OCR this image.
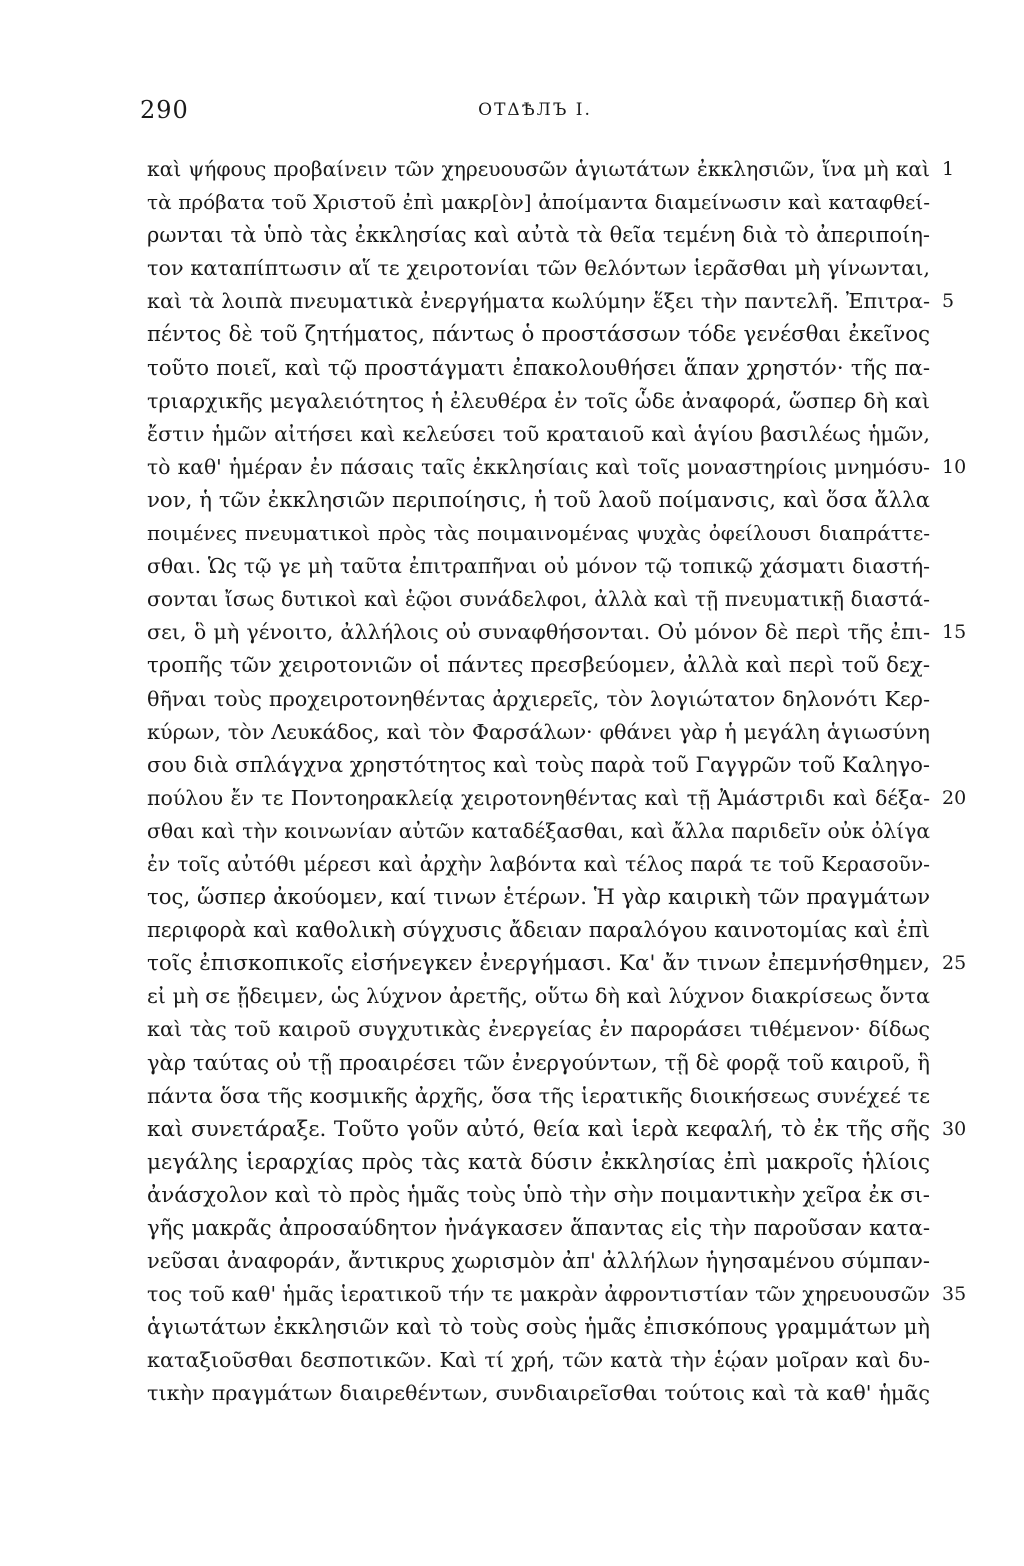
290	ΟΤΔѢЛЪ I.
καὶ ψήφους προβαίνειν τῶν χηρευουσῶν ἁγιωτάτων ἐκκλησιῶν, ἵνα μὴ καὶ 1
τὰ πρόβατα τοῦ Χριστοῦ ἐπὶ μακρ[ὸν] ἀποίμαντα διαμείνωσιν καὶ καταφθεί-
ρωνται τὰ ὑπὸ τὰς ἐκκλησίας καὶ αὐτὰ τὰ θεῖα τεμένη διὰ τὸ ἀπεριποίη-
τον καταπίπτωσιν αἵ τε χειροτονίαι τῶν θελόντων ἱερᾶσθαι μὴ γίνωνται,
καὶ τὰ λοιπὰ πνευματικὰ ἐνεργήματα κωλύμην ἕξει τὴν παντελῆ. Ἐπιτρα- 5
πέντος δὲ τοῦ ζητήματος, πάντως ὁ προστάσσων τόδε γενέσθαι ἐκεῖνος
τοῦτο ποιεῖ, καὶ τῷ προστάγματι ἐπακολουθήσει ἅπαν χρηστόν· τῆς πα-
τριαρχικῆς μεγαλειότητος ἡ ἐλευθέρα ἐν τοῖς ὧδε ἀναφορά, ὥσπερ δὴ καὶ
ἔστιν ἡμῶν αἰτήσει καὶ κελεύσει τοῦ κραταιοῦ καὶ ἁγίου βασιλέως ἡμῶν,
τὸ καθ' ἡμέραν ἐν πάσαις ταῖς ἐκκλησίαις καὶ τοῖς μοναστηρίοις μνημόσυ- 10
νον, ἡ τῶν ἐκκλησιῶν περιποίησις, ἡ τοῦ λαοῦ ποίμανσις, καὶ ὅσα ἄλλα
ποιμένες πνευματικοὶ πρὸς τὰς ποιμαινομένας ψυχὰς ὀφείλουσι διαπράττε-
σθαι. Ὡς τῷ γε μὴ ταῦτα ἐπιτραπῆναι οὐ μόνον τῷ τοπικῷ χάσματι διαστή-
σονται ἴσως δυτικοὶ καὶ ἑῷοι συνάδελφοι, ἀλλὰ καὶ τῇ πνευματικῇ διαστά-
σει, ὃ μὴ γένοιτο, ἀλλήλοις οὐ συναφθήσονται. Οὐ μόνον δὲ περὶ τῆς ἐπι- 15
τροπῆς τῶν χειροτονιῶν οἱ πάντες πρεσβεύομεν, ἀλλὰ καὶ περὶ τοῦ δεχ-
θῆναι τοὺς προχειροτονηθέντας ἀρχιερεῖς, τὸν λογιώτατον δηλονότι Κερ-
κύρων, τὸν Λευκάδος, καὶ τὸν Φαρσάλων· φθάνει γὰρ ἡ μεγάλη ἁγιωσύνη
σου διὰ σπλάγχνα χρηστότητος καὶ τοὺς παρὰ τοῦ Γαγγρῶν τοῦ Καληγο-
πούλου ἔν τε Ποντοηρακλείᾳ χειροτονηθέντας καὶ τῇ Ἀμάστριδι καὶ δέξα- 20
σθαι καὶ τὴν κοινωνίαν αὐτῶν καταδέξασθαι, καὶ ἄλλα παριδεῖν οὐκ ὀλίγα
ἐν τοῖς αὐτόθι μέρεσι καὶ ἀρχὴν λαβόντα καὶ τέλος παρά τε τοῦ Κερασοῦν-
τος, ὥσπερ ἀκούομεν, καί τινων ἑτέρων. Ἡ γὰρ καιρικὴ τῶν πραγμάτων
περιφορὰ καὶ καθολικὴ σύγχυσις ἄδειαν παραλόγου καινοτομίας καὶ ἐπὶ
τοῖς ἐπισκοπικοῖς εἰσήνεγκεν ἐνεργήμασι. Κα' ἄν τινων ἐπεμνήσθημεν, 25
εἰ μὴ σε ᾔδειμεν, ὡς λύχνον ἀρετῆς, οὕτω δὴ καὶ λύχνον διακρίσεως ὄντα
καὶ τὰς τοῦ καιροῦ συγχυτικὰς ἐνεργείας ἐν παροράσει τιθέμενον· δίδως
γὰρ ταύτας οὐ τῇ προαιρέσει τῶν ἐνεργούντων, τῇ δὲ φορᾷ τοῦ καιροῦ, ἣ
πάντα ὅσα τῆς κοσμικῆς ἀρχῆς, ὅσα τῆς ἱερατικῆς διοικήσεως συνέχεέ τε
καὶ συνετάραξε. Τοῦτο γοῦν αὐτό, θεία καὶ ἱερὰ κεφαλή, τὸ ἐκ τῆς σῆς 30
μεγάλης ἱεραρχίας πρὸς τὰς κατὰ δύσιν ἐκκλησίας ἐπὶ μακροῖς ἡλίοις
ἀνάσχολον καὶ τὸ πρὸς ἡμᾶς τοὺς ὑπὸ τὴν σὴν ποιμαντικὴν χεῖρα ἐκ σι-
γῆς μακρᾶς ἀπροσαύδητον ἠνάγκασεν ἅπαντας εἰς τὴν παροῦσαν κατα-
νεῦσαι ἀναφοράν, ἄντικρυς χωρισμὸν ἀπ' ἀλλήλων ἡγησαμένου σύμπαν-
τος τοῦ καθ' ἡμᾶς ἱερατικοῦ τήν τε μακρὰν ἀφροντιστίαν τῶν χηρευουσῶν 35
ἁγιωτάτων ἐκκλησιῶν καὶ τὸ τοὺς σοὺς ἡμᾶς ἐπισκόπους γραμμάτων μὴ
καταξιοῦσθαι δεσποτικῶν. Καὶ τί χρή, τῶν κατὰ τὴν ἑῴαν μοῖραν καὶ δυ-
τικὴν πραγμάτων διαιρεθέντων, συνδιαιρεῖσθαι τούτοις καὶ τὰ καθ' ἡμᾶς
